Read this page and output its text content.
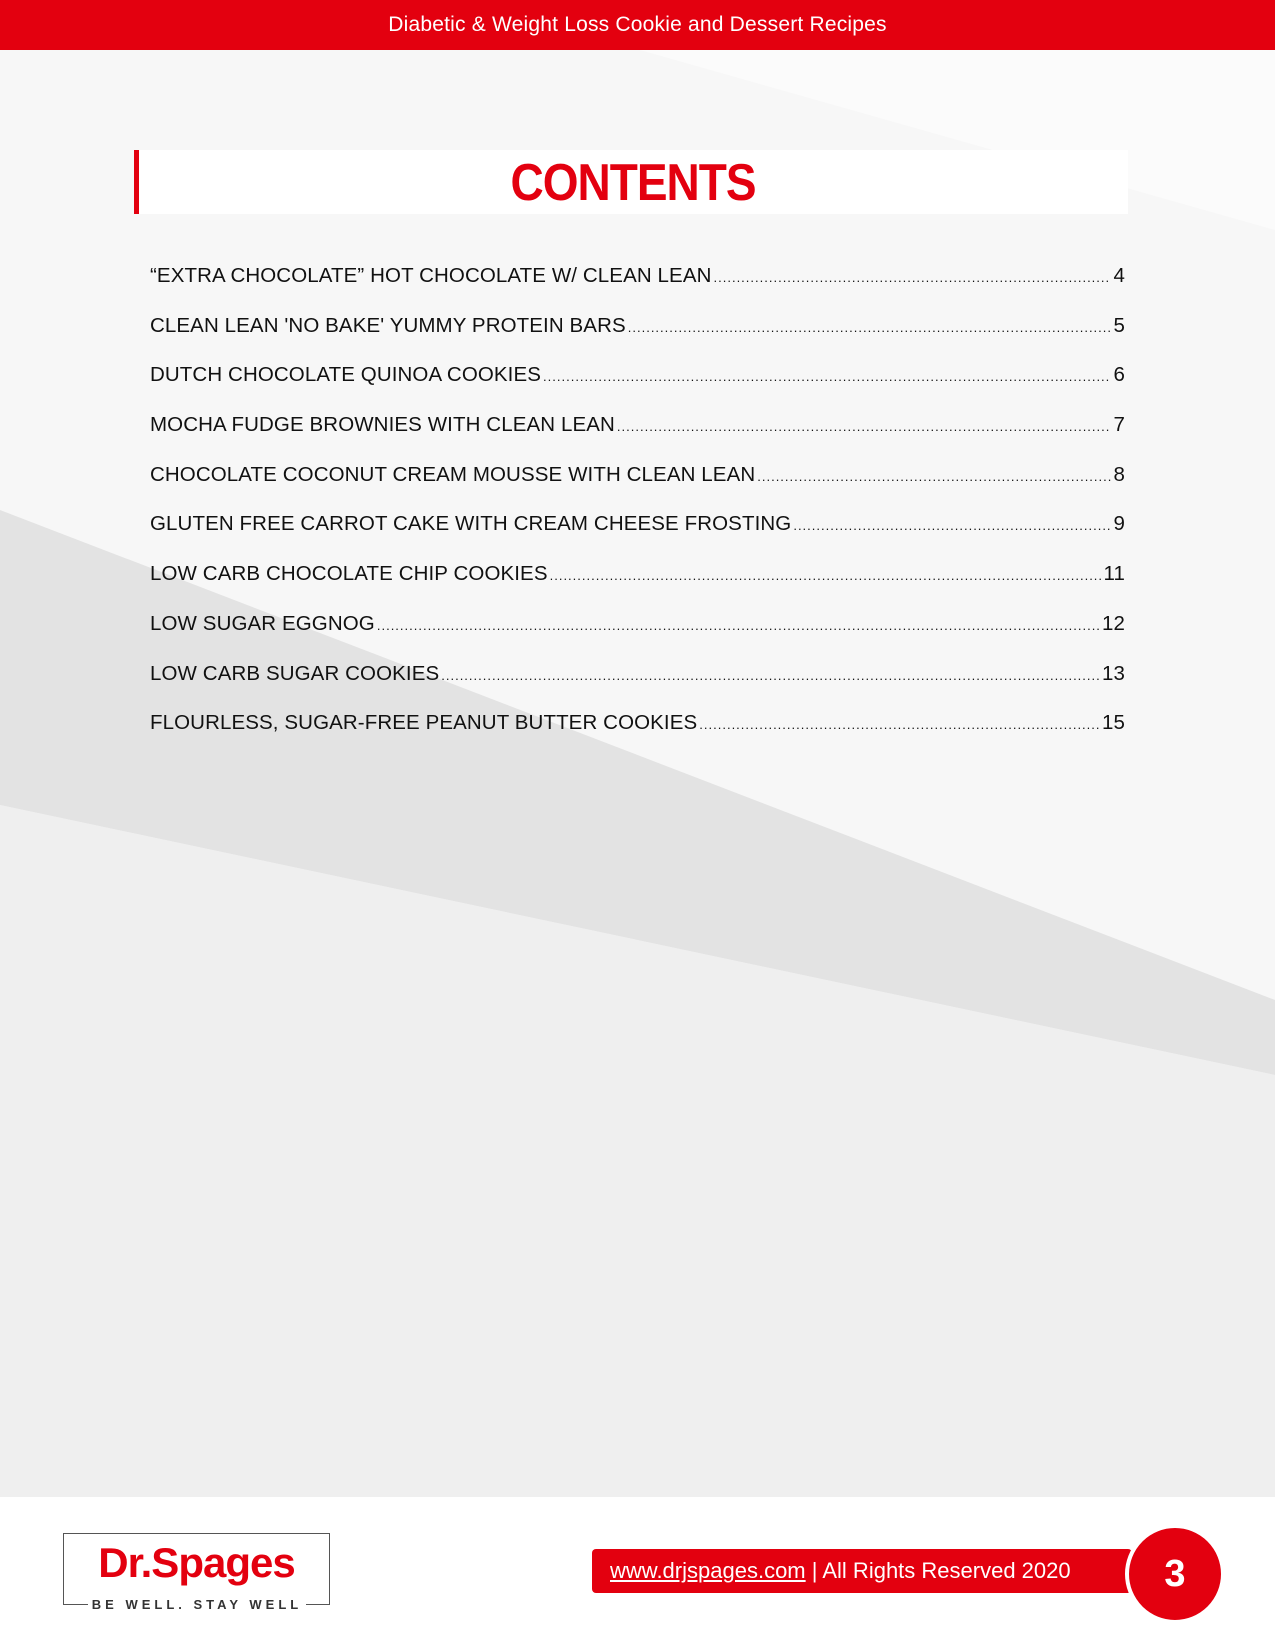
Diabetic & Weight Loss Cookie and Dessert Recipes
CONTENTS
“EXTRA CHOCOLATE” HOT CHOCOLATE W/ CLEAN LEAN .....	4
CLEAN LEAN 'NO BAKE' YUMMY PROTEIN BARS .....	5
DUTCH CHOCOLATE QUINOA COOKIES .....	6
MOCHA FUDGE BROWNIES WITH CLEAN LEAN .....	7
CHOCOLATE COCONUT CREAM MOUSSE WITH CLEAN LEAN .....	8
GLUTEN FREE CARROT CAKE WITH CREAM CHEESE FROSTING .....	9
LOW CARB CHOCOLATE CHIP COOKIES .....	11
LOW SUGAR EGGNOG .....	12
LOW CARB SUGAR COOKIES .....	13
FLOURLESS, SUGAR-FREE PEANUT BUTTER COOKIES .....	15
Dr.Spages
BE WELL. STAY WELL
www.drjspages.com | All Rights Reserved 2020	3
